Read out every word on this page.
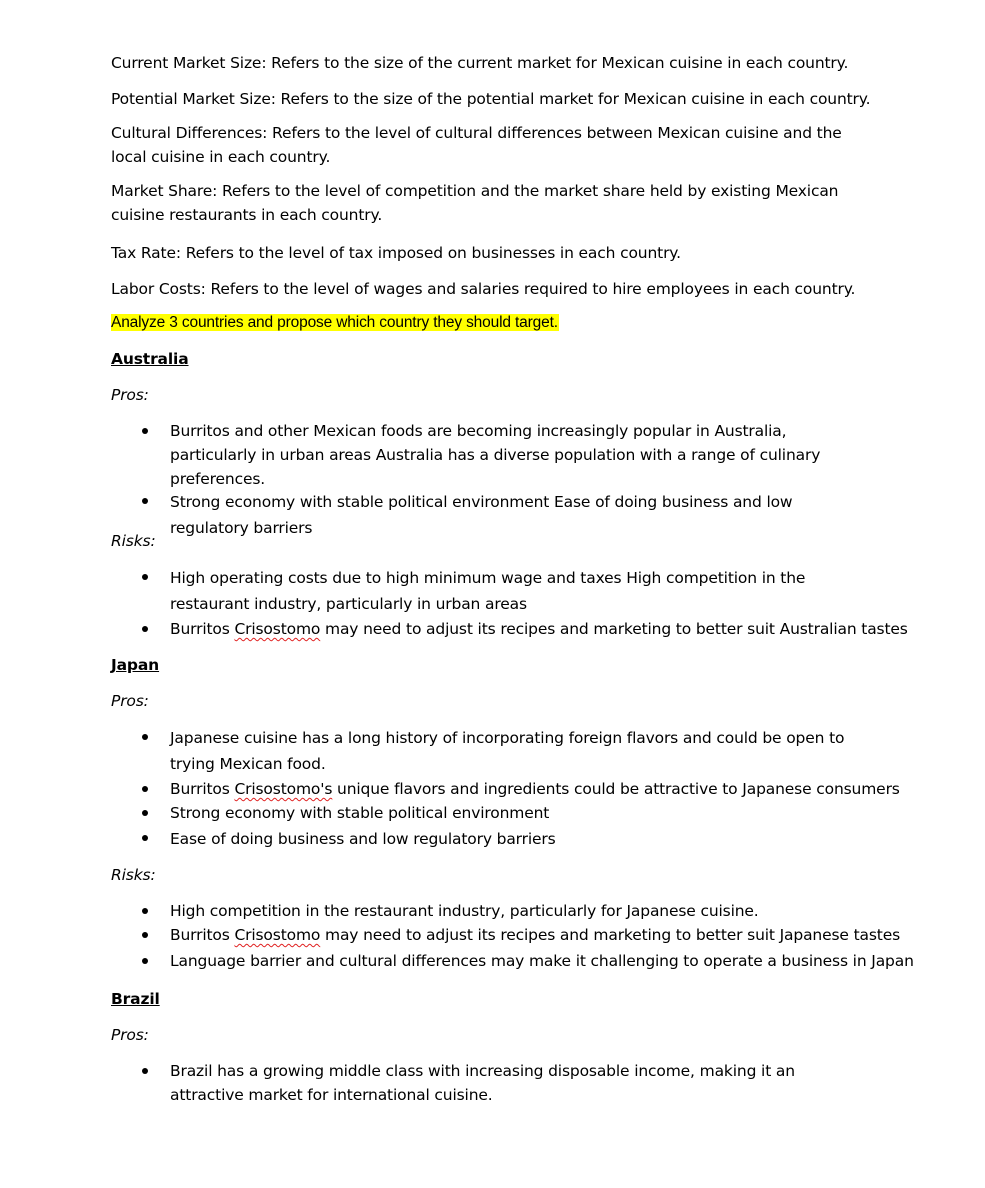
Current Market Size: Refers to the size of the current market for Mexican cuisine in each country.
Potential Market Size: Refers to the size of the potential market for Mexican cuisine in each country.
Cultural Differences: Refers to the level of cultural differences between Mexican cuisine and the local cuisine in each country.
Market Share: Refers to the level of competition and the market share held by existing Mexican cuisine restaurants in each country.
Tax Rate: Refers to the level of tax imposed on businesses in each country.
Labor Costs: Refers to the level of wages and salaries required to hire employees in each country.
Analyze 3 countries and propose which country they should target.
Australia
Pros:
Burritos and other Mexican foods are becoming increasingly popular in Australia, particularly in urban areas Australia has a diverse population with a range of culinary preferences.
Strong economy with stable political environment Ease of doing business and low regulatory barriers
Risks:
High operating costs due to high minimum wage and taxes High competition in the restaurant industry, particularly in urban areas
Burritos Crisostomo may need to adjust its recipes and marketing to better suit Australian tastes
Japan
Pros:
Japanese cuisine has a long history of incorporating foreign flavors and could be open to trying Mexican food.
Burritos Crisostomo's unique flavors and ingredients could be attractive to Japanese consumers
Strong economy with stable political environment
Ease of doing business and low regulatory barriers
Risks:
High competition in the restaurant industry, particularly for Japanese cuisine.
Burritos Crisostomo may need to adjust its recipes and marketing to better suit Japanese tastes
Language barrier and cultural differences may make it challenging to operate a business in Japan
Brazil
Pros:
Brazil has a growing middle class with increasing disposable income, making it an attractive market for international cuisine.
